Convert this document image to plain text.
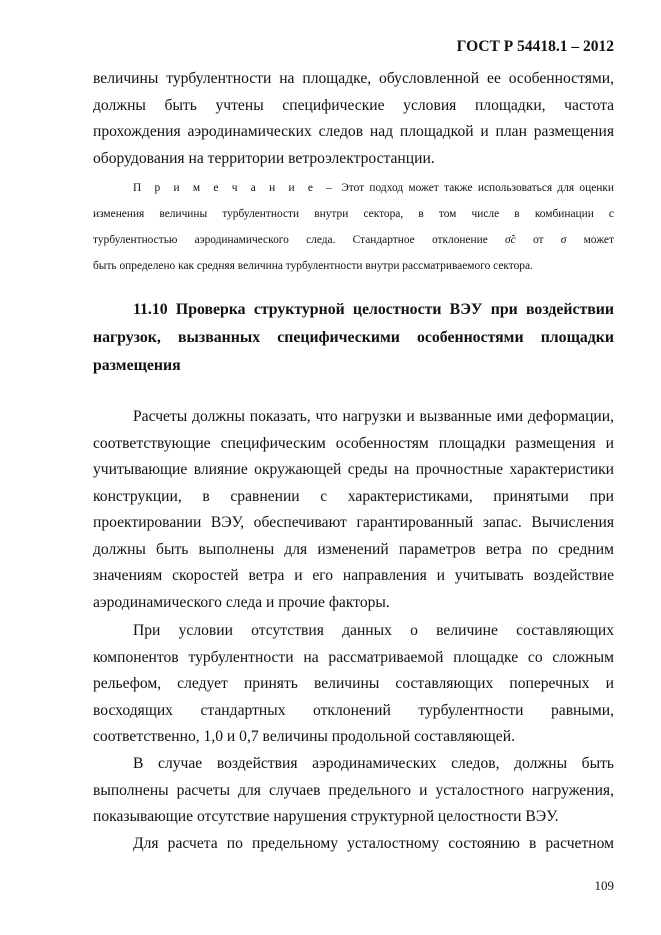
ГОСТ Р 54418.1 – 2012
величины турбулентности на площадке, обусловленной ее особенностями,
должны быть учтены специфические условия площадки, частота
прохождения аэродинамических следов над площадкой и план размещения
оборудования на территории ветроэлектростанции.
П р и м е ч а н и е – Этот подход может также использоваться для оценки
изменения величины турбулентности внутри сектора, в том числе в комбинации с
турбулентностью аэродинамического следа. Стандартное отклонение σ̂c от σ может
быть определено как средняя величина турбулентности внутри рассматриваемого сектора.
11.10 Проверка структурной целостности ВЭУ при воздействии
нагрузок, вызванных специфическими особенностями площадки
размещения
Расчеты должны показать, что нагрузки и вызванные ими деформации,
соответствующие специфическим особенностям площадки размещения и
учитывающие влияние окружающей среды на прочностные характеристики
конструкции, в сравнении с характеристиками, принятыми при
проектировании ВЭУ, обеспечивают гарантированный запас. Вычисления
должны быть выполнены для изменений параметров ветра по средним
значениям скоростей ветра и его направления и учитывать воздействие
аэродинамического следа и прочие факторы.
При условии отсутствия данных о величине составляющих
компонентов турбулентности на рассматриваемой площадке со сложным
рельефом, следует принять величины составляющих поперечных и
восходящих стандартных отклонений турбулентности равными,
соответственно, 1,0 и 0,7 величины продольной составляющей.
В случае воздействия аэродинамических следов, должны быть
выполнены расчеты для случаев предельного и усталостного нагружения,
показывающие отсутствие нарушения структурной целостности ВЭУ.
Для расчета по предельному усталостному состоянию в расчетном
109
